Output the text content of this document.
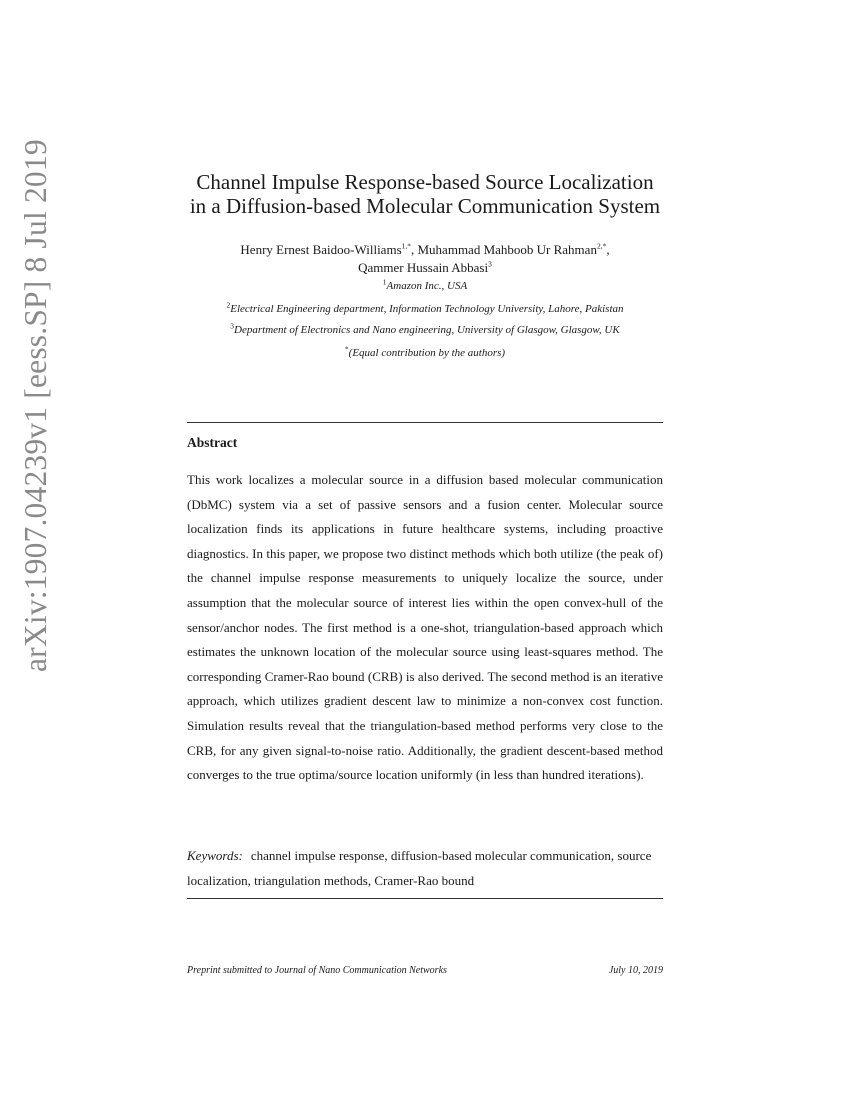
arXiv:1907.04239v1 [eess.SP] 8 Jul 2019	Channel Impulse Response-based Source Localization
in a Diffusion-based Molecular Communication System
Henry Ernest Baidoo-Williams$^{1,*}$, Muhammad Mahboob Ur Rahman$^{2,*}$,
Qammer Hussain Abbasi$^3$
$^1$Amazon Inc., USA
$^2$Electrical Engineering department, Information Technology University, Lahore, Pakistan
$^3$Department of Electronics and Nano engineering, University of Glasgow, Glasgow, UK
*(Equal contribution by the authors)
Abstract
This work localizes a molecular source in a diffusion based molecular communication (DbMC) system via a set of passive sensors and a fusion center. Molecular source localization finds its applications in future healthcare systems, including proactive diagnostics. In this paper, we propose two distinct methods which both utilize (the peak of) the channel impulse response measurements to uniquely localize the source, under assumption that the molecular source of interest lies within the open convex-hull of the sensor/anchor nodes. The first method is a one-shot, triangulation-based approach which estimates the unknown location of the molecular source using least-squares method. The corresponding Cramer-Rao bound (CRB) is also derived. The second method is an iterative approach, which utilizes gradient descent law to minimize a non-convex cost function. Simulation results reveal that the triangulation-based method performs very close to the CRB, for any given signal-to-noise ratio. Additionally, the gradient descent-based method converges to the true optima/source location uniformly (in less than hundred iterations).
Keywords: channel impulse response, diffusion-based molecular communication, source localization, triangulation methods, Cramer-Rao bound
Preprint submitted to Journal of Nano Communication Networks	July 10, 2019
